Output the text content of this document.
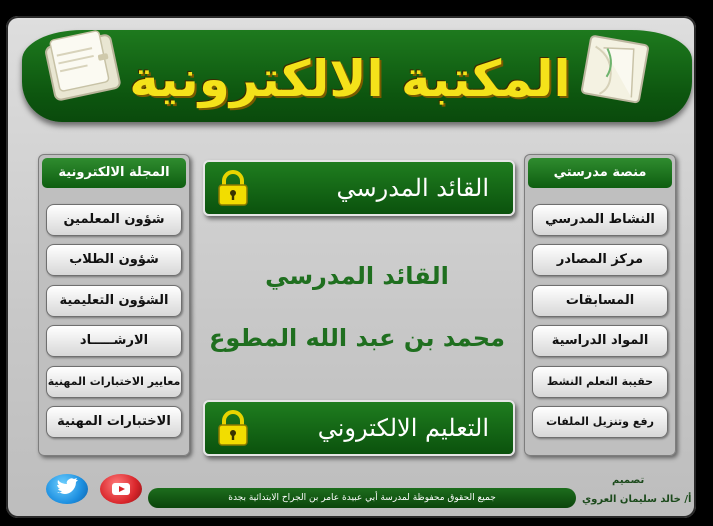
المكتبة الالكترونية
المجلة الالكترونية
شؤون المعلمين
شؤون الطلاب
الشؤون التعليمية
الارشـــــاد
معايير الاختبارات المهنية
الاختبارات المهنية
منصة مدرستي
النشاط المدرسي
مركز المصادر
المسابقات
المواد الدراسية
حقيبة التعلم النشط
رفع وتنزيل الملفات
القائد المدرسي
القائد المدرسي
محمد بن عبد الله المطوع
التعليم الالكتروني
جميع الحقوق محفوظة لمدرسة أبي عبيدة عامر بن الجراح الابتدائية بجدة
تصميم
أ/ خالد سليمان العروي
